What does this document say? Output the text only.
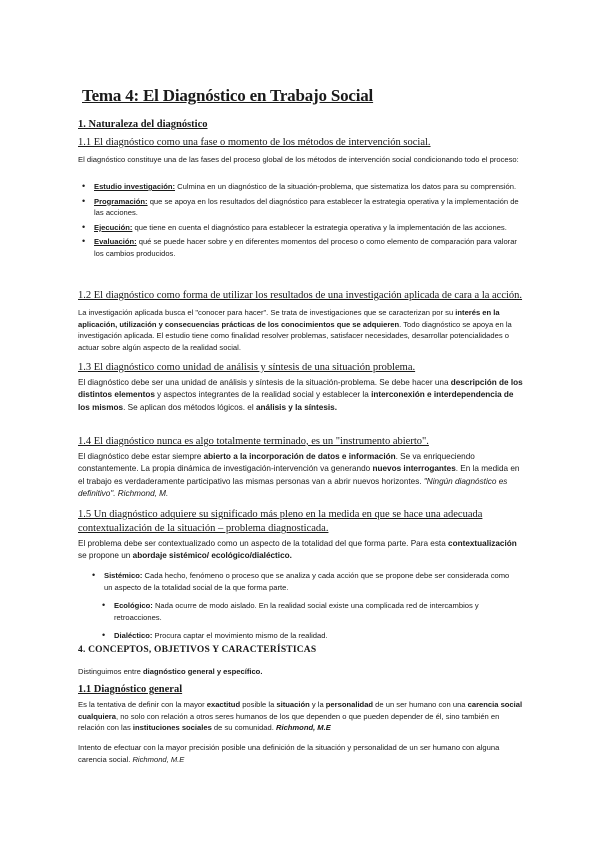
Tema 4: El Diagnóstico en Trabajo Social
1. Naturaleza del diagnóstico
1.1 El diagnóstico como una fase o momento de los métodos de intervención social.
El diagnóstico constituye una de las fases del proceso global de los métodos de intervención social condicionando todo el proceso:
• Estudio investigación: Culmina en un diagnóstico de la situación-problema, que sistematiza los datos para su comprensión.
• Programación: que se apoya en los resultados del diagnóstico para establecer la estrategia operativa y la implementación de las acciones.
• Ejecución: que tiene en cuenta el diagnóstico para establecer la estrategia operativa y la implementación de las acciones.
• Evaluación: qué se puede hacer sobre y en diferentes momentos del proceso o como elemento de comparación para valorar los cambios producidos.
1.2 El diagnóstico como forma de utilizar los resultados de una investigación aplicada de cara a la acción.
La investigación aplicada busca el "conocer para hacer". Se trata de investigaciones que se caracterizan por su interés en la aplicación, utilización y consecuencias prácticas de los conocimientos que se adquieren. Todo diagnóstico se apoya en la investigación aplicada. El estudio tiene como finalidad resolver problemas, satisfacer necesidades, desarrollar potencialidades o actuar sobre algún aspecto de la realidad social.
1.3 El diagnóstico como unidad de análisis y síntesis de una situación problema.
El diagnóstico debe ser una unidad de análisis y síntesis de la situación-problema. Se debe hacer una descripción de los distintos elementos y aspectos integrantes de la realidad social y establecer la interconexión e interdependencia de los mismos. Se aplican dos métodos lógicos. el análisis y la síntesis.
1.4 El diagnóstico nunca es algo totalmente terminado, es un "instrumento abierto".
El diagnóstico debe estar siempre abierto a la incorporación de datos e información. Se va enriqueciendo constantemente. La propia dinámica de investigación-intervención va generando nuevos interrogantes. En la medida en el trabajo es verdaderamente participativo las mismas personas van a abrir nuevos horizontes. "Ningún diagnóstico es definitivo". Richmond, M.
1.5 Un diagnóstico adquiere su significado más pleno en la medida en que se hace una adecuada contextualización de la situación – problema diagnosticada.
El problema debe ser contextualizado como un aspecto de la totalidad del que forma parte. Para esta contextualización se propone un abordaje sistémico/ ecológico/dialéctico.
• Sistémico: Cada hecho, fenómeno o proceso que se analiza y cada acción que se propone debe ser considerada como un aspecto de la totalidad social de la que forma parte.
• Ecológico: Nada ocurre de modo aislado. En la realidad social existe una complicada red de intercambios y retroacciones.
• Dialéctico: Procura captar el movimiento mismo de la realidad.
4. CONCEPTOS, OBJETIVOS Y CARACTERÍSTICAS
Distinguimos entre diagnóstico general y específico.
1.1 Diagnóstico general
Es la tentativa de definir con la mayor exactitud posible la situación y la personalidad de un ser humano con una carencia social cualquiera, no solo con relación a otros seres humanos de los que dependen o que pueden depender de él, sino también en relación con las instituciones sociales de su comunidad. Richmond, M.E
Intento de efectuar con la mayor precisión posible una definición de la situación y personalidad de un ser humano con alguna carencia social. Richmond, M.E
